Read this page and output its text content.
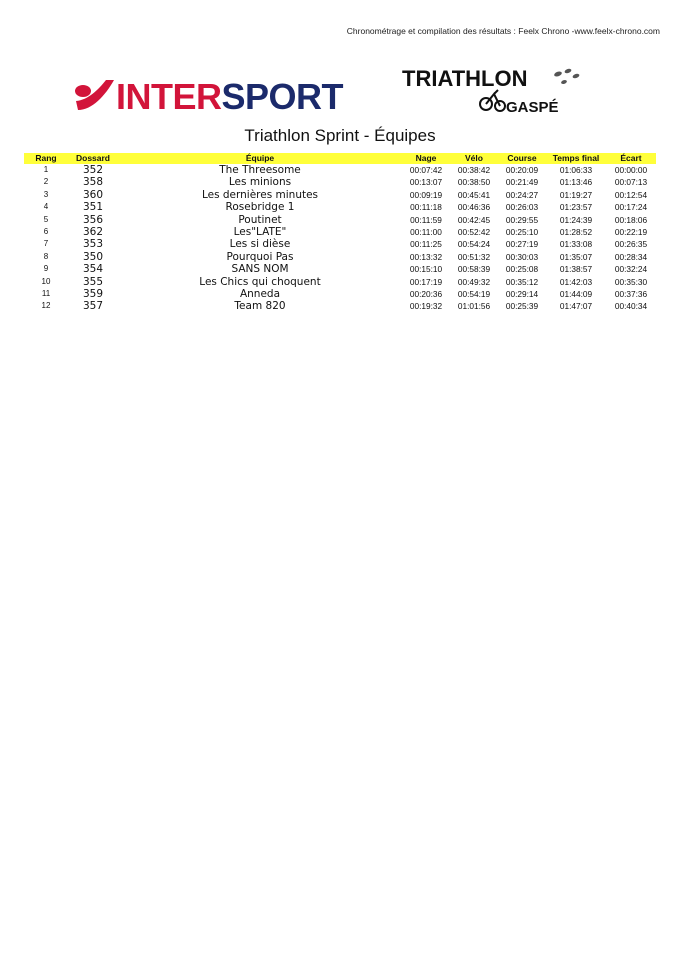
Chronométrage et compilation des résultats : Feelx Chrono -www.feelx-chrono.com
INTERSPORT	TRIATHLON
GASPÉ
Triathlon Sprint - Équipes
Rang	Dossard	Équipe	Nage	Vélo	Course	Temps final	Écart
1	352	The Threesome	00:07:42	00:38:42	00:20:09	01:06:33	00:00:00
2	358	Les minions	00:13:07	00:38:50	00:21:49	01:13:46	00:07:13
3	360	Les dernières minutes	00:09:19	00:45:41	00:24:27	01:19:27	00:12:54
4	351	Rosebridge 1	00:11:18	00:46:36	00:26:03	01:23:57	00:17:24
5	356	Poutinet	00:11:59	00:42:45	00:29:55	01:24:39	00:18:06
6	362	Les"LATE"	00:11:00	00:52:42	00:25:10	01:28:52	00:22:19
7	353	Les si dièse	00:11:25	00:54:24	00:27:19	01:33:08	00:26:35
8	350	Pourquoi Pas	00:13:32	00:51:32	00:30:03	01:35:07	00:28:34
9	354	SANS NOM	00:15:10	00:58:39	00:25:08	01:38:57	00:32:24
10	355	Les Chics qui choquent	00:17:19	00:49:32	00:35:12	01:42:03	00:35:30
11	359	Anneda	00:20:36	00:54:19	00:29:14	01:44:09	00:37:36
12	357	Team 820	00:19:32	01:01:56	00:25:39	01:47:07	00:40:34
